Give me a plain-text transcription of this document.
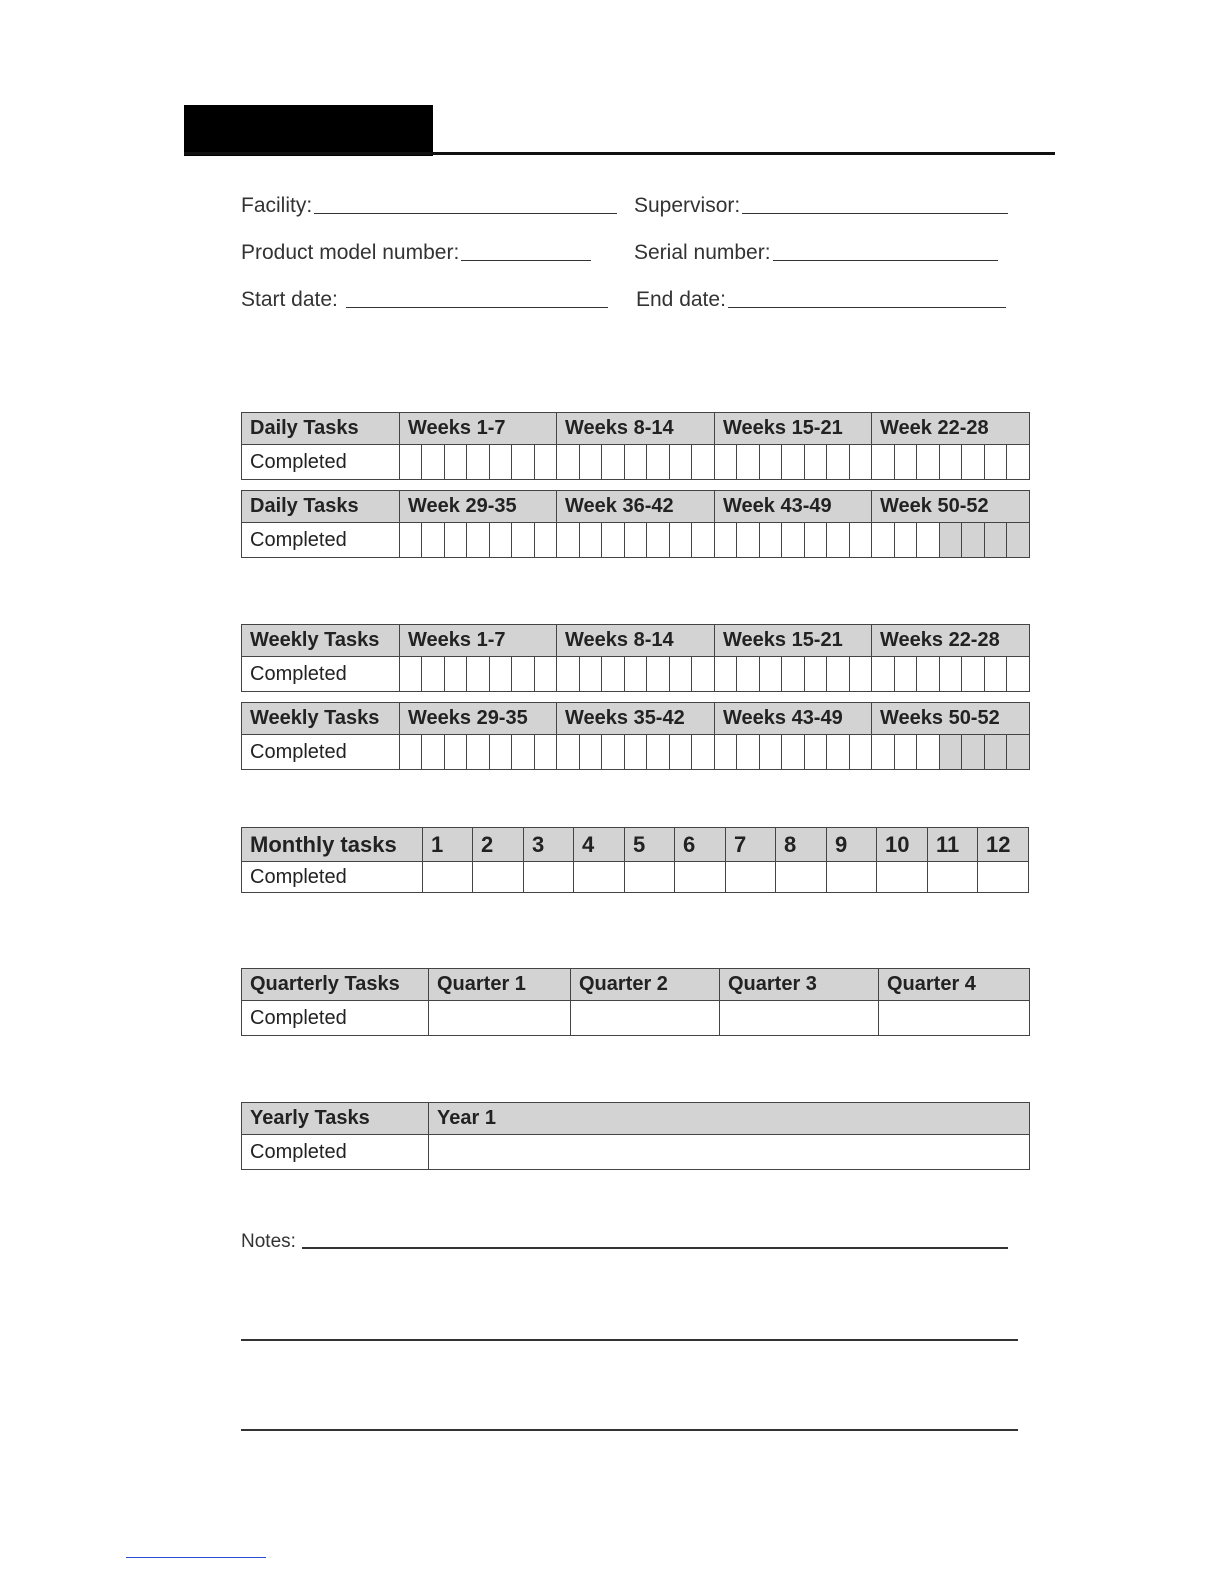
Facility:	Supervisor:
Product model number:	Serial number:
Start date:	End date:
Daily Tasks	Weeks 1-7	Weeks 8-14	Weeks 15-21	Week 22-28
Completed	

Daily Tasks	Week 29-35	Week 36-42	Week 43-49	Week 50-52
Completed	

Weekly Tasks	Weeks 1-7	Weeks 8-14	Weeks 15-21	Weeks 22-28
Completed	

Weekly Tasks	Weeks 29-35	Weeks 35-42	Weeks 43-49	Weeks 50-52
Completed	

Monthly tasks	1	2	3	4	5	6	7	8	9	10	11	12
Completed												
Quarterly Tasks	Quarter 1	Quarter 2	Quarter 3	Quarter 4
Completed				
Yearly Tasks	Year 1
Completed	
Notes:
